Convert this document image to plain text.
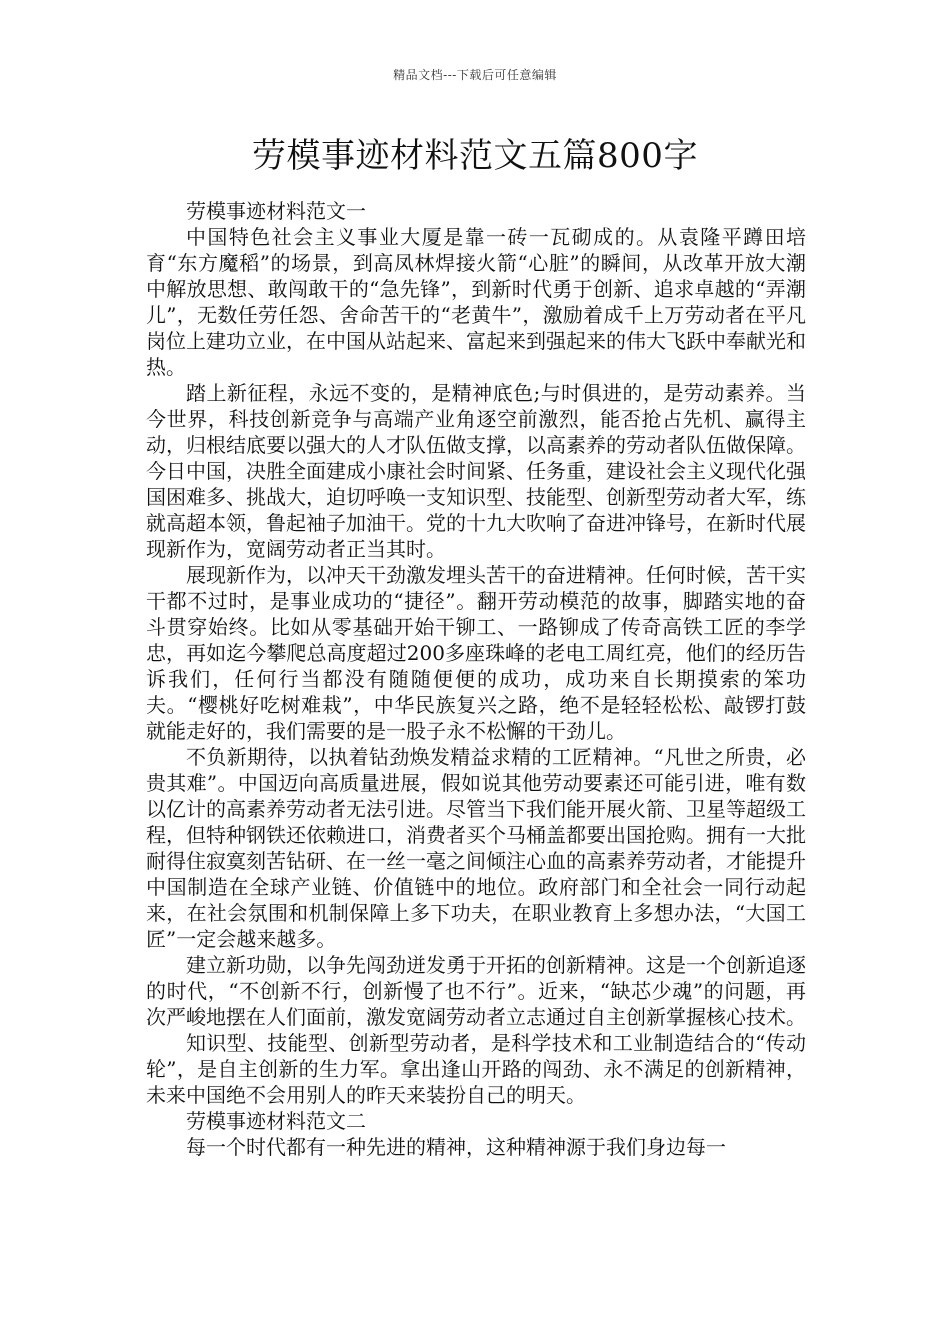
精品文档---下载后可任意编辑
劳模事迹材料范文五篇800字

劳模事迹材料范文一

中国特色社会主义事业大厦是靠一砖一瓦砌成的。从袁隆平蹲田培育“东方魔稻”的场景，到高凤林焊接火箭“心脏”的瞬间，从改革开放大潮中解放思想、敢闯敢干的“急先锋”，到新时代勇于创新、追求卓越的“弄潮儿”，无数任劳任怨、舍命苦干的“老黄牛”，激励着成千上万劳动者在平凡岗位上建功立业，在中国从站起来、富起来到强起来的伟大飞跃中奉献光和热。

踏上新征程，永远不变的，是精神底色;与时俱进的，是劳动素养。当今世界，科技创新竞争与高端产业角逐空前激烈，能否抢占先机、赢得主动，归根结底要以强大的人才队伍做支撑，以高素养的劳动者队伍做保障。今日中国，决胜全面建成小康社会时间紧、任务重，建设社会主义现代化强国困难多、挑战大，迫切呼唤一支知识型、技能型、创新型劳动者大军，练就高超本领，鲁起袖子加油干。党的十九大吹响了奋进冲锋号，在新时代展现新作为，宽阔劳动者正当其时。

展现新作为，以冲天干劲激发埋头苦干的奋进精神。任何时候，苦干实干都不过时，是事业成功的“捷径”。翻开劳动模范的故事，脚踏实地的奋斗贯穿始终。比如从零基础开始干铆工、一路铆成了传奇高铁工匠的李学忠，再如迄今攀爬总高度超过200多座珠峰的老电工周红亮，他们的经历告诉我们，任何行当都没有随随便便的成功，成功来自长期摸索的笨功夫。“樱桃好吃树难栽”，中华民族复兴之路，绝不是轻轻松松、敲锣打鼓就能走好的，我们需要的是一股子永不松懈的干劲儿。

不负新期待，以执着钻劲焕发精益求精的工匠精神。“凡世之所贵，必贵其难”。中国迈向高质量进展，假如说其他劳动要素还可能引进，唯有数以亿计的高素养劳动者无法引进。尽管当下我们能开展火箭、卫星等超级工程，但特种钢铁还依赖进口，消费者买个马桶盖都要出国抢购。拥有一大批耐得住寂寞刻苦钻研、在一丝一毫之间倾注心血的高素养劳动者，才能提升中国制造在全球产业链、价值链中的地位。政府部门和全社会一同行动起来，在社会氛围和机制保障上多下功夫，在职业教育上多想办法，“大国工匠”一定会越来越多。

建立新功勋，以争先闯劲迸发勇于开拓的创新精神。这是一个创新追逐的时代，“不创新不行，创新慢了也不行”。近来，“缺芯少魂”的问题，再次严峻地摆在人们面前，激发宽阔劳动者立志通过自主创新掌握核心技术。

知识型、技能型、创新型劳动者，是科学技术和工业制造结合的“传动轮”，是自主创新的生力军。拿出逢山开路的闯劲、永不满足的创新精神，未来中国绝不会用别人的昨天来装扮自己的明天。

劳模事迹材料范文二

每一个时代都有一种先进的精神，这种精神源于我们身边每一
